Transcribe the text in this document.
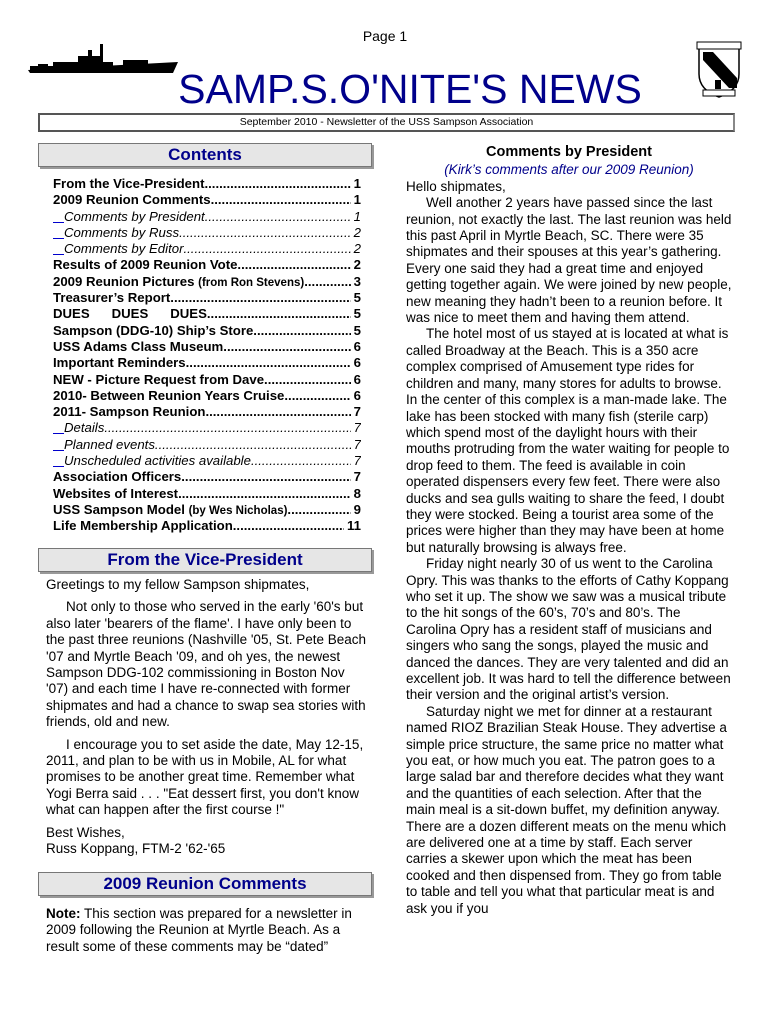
Page 1
SAMP.S.O'NITE'S NEWS
September 2010 - Newsletter of the USS Sampson Association
Contents
From the Vice-President .....	1
2009 Reunion Comments .....	1

Comments by President .....	1

Comments by Russ .....	2

Comments by Editor .....	2
Results of 2009 Reunion Vote .....	2
2009 Reunion Pictures (from Ron Stevens) .....	3
Treasurer’s Report .....	5
DUES      DUES      DUES .....	5
Sampson (DDG-10) Ship’s Store .....	5
USS Adams Class Museum .....	6
Important Reminders .....	6
NEW - Picture Request from Dave .....	6
2010- Between Reunion Years Cruise .....	6
2011- Sampson Reunion .....	7

Details .....	7

Planned events .....	7

Unscheduled activities available .....	7
Association Officers .....	7
Websites of Interest .....	8
USS Sampson Model (by Wes Nicholas) .....	9
Life Membership Application .....	11
From the Vice-President

Greetings to my fellow Sampson shipmates,

Not only to those who served in the early '60's but also later 'bearers of the flame'. I have only been to the past three reunions (Nashville '05, St. Pete Beach '07 and Myrtle Beach '09, and oh yes, the newest Sampson DDG-102 commissioning in Boston Nov '07) and each time I have re-connected with former shipmates and had a chance to swap sea stories with friends, old and new.

I encourage you to set aside the date, May 12-15, 2011, and plan to be with us in Mobile, AL for what promises to be another great time. Remember what Yogi Berra said . . . "Eat dessert first, you don't know what can happen after the first course !"

Best Wishes,

Russ Koppang, FTM-2 '62-'65

2009 Reunion Comments

Note: This section was prepared for a newsletter in 2009 following the Reunion at Myrtle Beach. As a result some of these comments may be “dated”

Comments by President

(Kirk’s comments after our 2009 Reunion)

Hello shipmates,

Well another 2 years have passed since the last reunion, not exactly the last. The last reunion was held this past April in Myrtle Beach, SC. There were 35 shipmates and their spouses at this year’s gathering. Every one said they had a great time and enjoyed getting together again. We were joined by new people, new meaning they hadn’t been to a reunion before. It was nice to meet them and having them attend.

The hotel most of us stayed at is located at what is called Broadway at the Beach. This is a 350 acre complex comprised of Amusement type rides for children and many, many stores for adults to browse. In the center of this complex is a man-made lake. The lake has been stocked with many fish (sterile carp) which spend most of the daylight hours with their mouths protruding from the water waiting for people to drop feed to them. The feed is available in coin operated dispensers every few feet. There were also ducks and sea gulls waiting to share the feed, I doubt they were stocked. Being a tourist area some of the prices were higher than they may have been at home but naturally browsing is always free.

Friday night nearly 30 of us went to the Carolina Opry. This was thanks to the efforts of Cathy Koppang who set it up. The show we saw was a musical tribute to the hit songs of the 60’s, 70’s and 80’s. The Carolina Opry has a resident staff of musicians and singers who sang the songs, played the music and danced the dances. They are very talented and did an excellent job. It was hard to tell the difference between their version and the original artist’s version.

Saturday night we met for dinner at a restaurant named RIOZ Brazilian Steak House. They advertise a simple price structure, the same price no matter what you eat, or how much you eat. The patron goes to a large salad bar and therefore decides what they want and the quantities of each selection. After that the main meal is a sit-down buffet, my definition anyway. There are a dozen different meats on the menu which are delivered one at a time by staff. Each server carries a skewer upon which the meat has been cooked and then dispensed from. They go from table to table and tell you what that particular meat is and ask you if you
